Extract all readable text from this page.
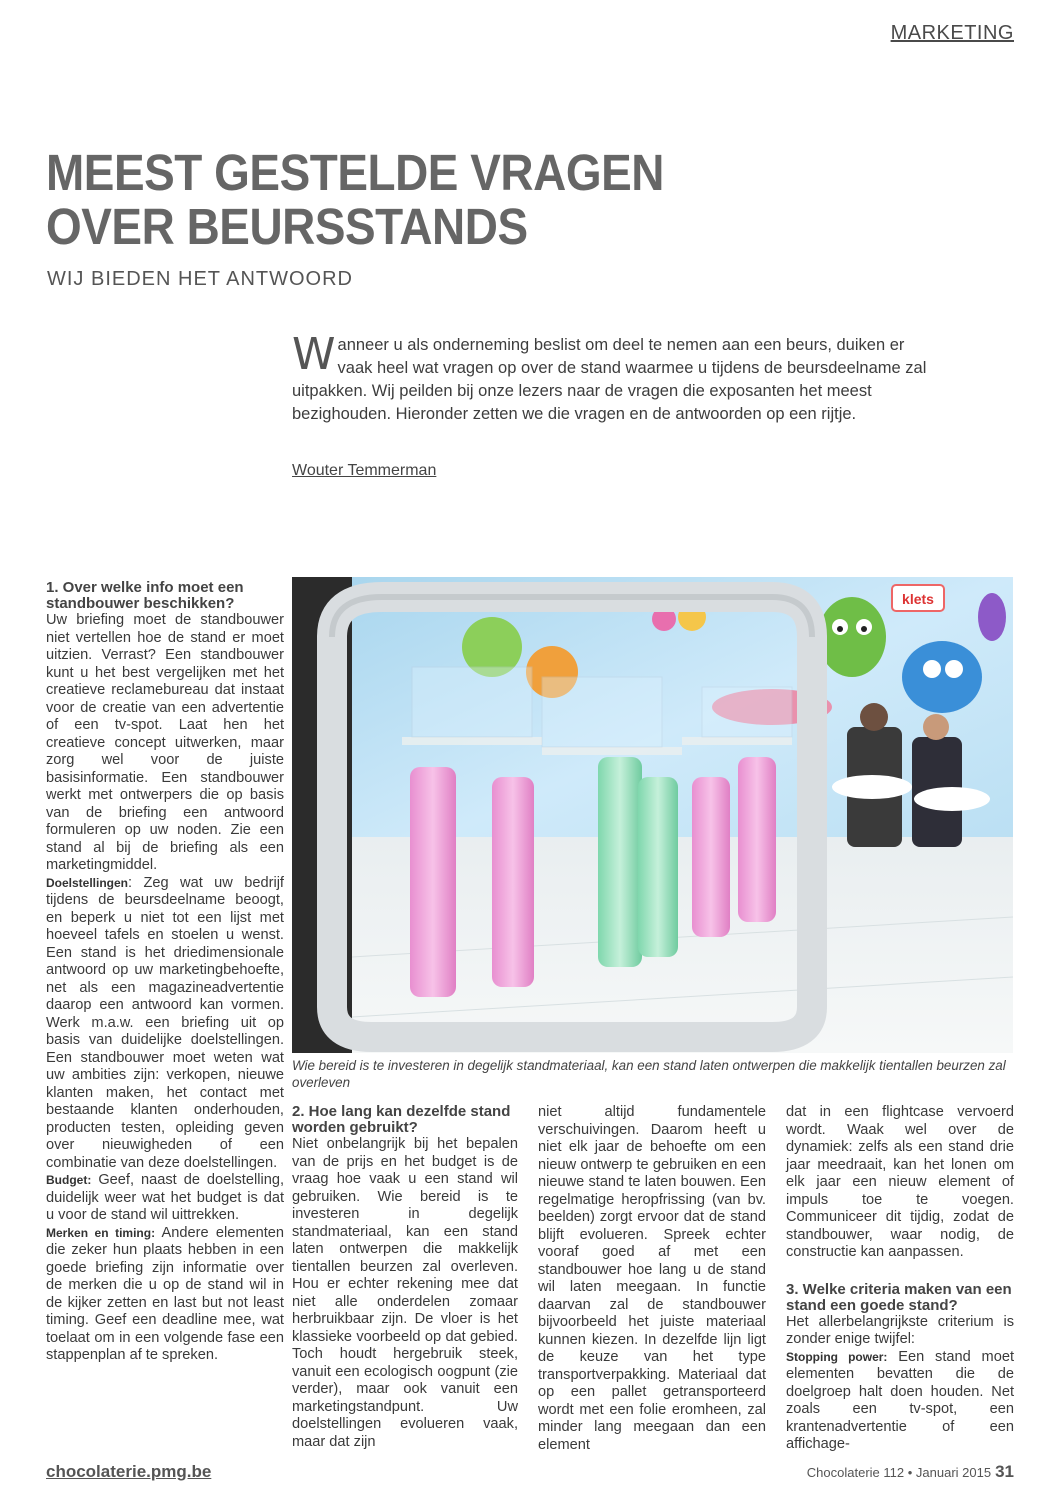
MARKETING
MEEST GESTELDE VRAGEN
OVER BEURSSTANDS
WIJ BIEDEN HET ANTWOORD
Wanneer u als onderneming beslist om deel te nemen aan een beurs, duiken er vaak heel wat vragen op over de stand waarmee u tijdens de beursdeelname zal uitpakken. Wij peilden bij onze lezers naar de vragen die exposanten het meest bezighouden. Hieronder zetten we die vragen en de antwoorden op een rijtje.
Wouter Temmerman
1. Over welke info moet een standbouwer beschikken?

Uw briefing moet de standbouwer niet vertellen hoe de stand er moet uitzien. Verrast? Een standbouwer kunt u het best vergelijken met het creatieve reclamebureau dat instaat voor de creatie van een advertentie of een tv-spot. Laat hen het creatieve concept uitwerken, maar zorg wel voor de juiste basisinformatie. Een standbouwer werkt met ontwerpers die op basis van de briefing een antwoord formuleren op uw noden. Zie een stand al bij de briefing als een marketingmiddel.

Doelstellingen: Zeg wat uw bedrijf tijdens de beursdeelname beoogt, en beperk u niet tot een lijst met hoeveel tafels en stoelen u wenst. Een stand is het driedimensionale antwoord op uw marketingbehoefte, net als een magazineadvertentie daarop een antwoord kan vormen. Werk m.a.w. een briefing uit op basis van duidelijke doelstellingen. Een standbouwer moet weten wat uw ambities zijn: verkopen, nieuwe klanten maken, het contact met bestaande klanten onderhouden, producten testen, opleiding geven over nieuwigheden of een combinatie van deze doelstellingen.

Budget: Geef, naast de doelstelling, duidelijk weer wat het budget is dat u voor de stand wil uittrekken.

Merken en timing: Andere elementen die zeker hun plaats hebben in een goede briefing zijn informatie over de merken die u op de stand wil in de kijker zetten en last but not least timing. Geef een deadline mee, wat toelaat om in een volgende fase een stappenplan af te spreken.

klets
Wie bereid is te investeren in degelijk standmateriaal, kan een stand laten ontwerpen die makkelijk tientallen beurzen zal overleven
2. Hoe lang kan dezelfde stand worden gebruikt?

Niet onbelangrijk bij het bepalen van de prijs en het budget is de vraag hoe vaak u een stand wil gebruiken. Wie bereid is te investeren in degelijk standmateriaal, kan een stand laten ontwerpen die makkelijk tientallen beurzen zal overleven. Hou er echter rekening mee dat niet alle onderdelen zomaar herbruikbaar zijn. De vloer is het klassieke voorbeeld op dat gebied. Toch houdt hergebruik steek, vanuit een ecologisch oogpunt (zie verder), maar ook vanuit een marketingstandpunt. Uw doelstellingen evolueren vaak, maar dat zijn

niet altijd fundamentele verschuivingen. Daarom heeft u niet elk jaar de behoefte om een nieuw ontwerp te gebruiken en een nieuwe stand te laten bouwen. Een regelmatige heropfrissing (van bv. beelden) zorgt ervoor dat de stand blijft evolueren. Spreek echter vooraf goed af met een standbouwer hoe lang u de stand wil laten meegaan. In functie daarvan zal de standbouwer bijvoorbeeld het juiste materiaal kunnen kiezen. In dezelfde lijn ligt de keuze van het type transportverpakking. Materiaal dat op een pallet getransporteerd wordt met een folie eromheen, zal minder lang meegaan dan een element

dat in een flightcase vervoerd wordt. Waak wel over de dynamiek: zelfs als een stand drie jaar meedraait, kan het lonen om elk jaar een nieuw element of impuls toe te voegen. Communiceer dit tijdig, zodat de standbouwer, waar nodig, de constructie kan aanpassen.

3. Welke criteria maken van een stand een goede stand?

Het allerbelangrijkste criterium is zonder enige twijfel:

Stopping power: Een stand moet elementen bevatten die de doelgroep halt doen houden. Net zoals een tv-spot, een krantenadvertentie of een affichage-

chocolaterie.pmg.be	Chocolaterie 112 • Januari 2015 31
